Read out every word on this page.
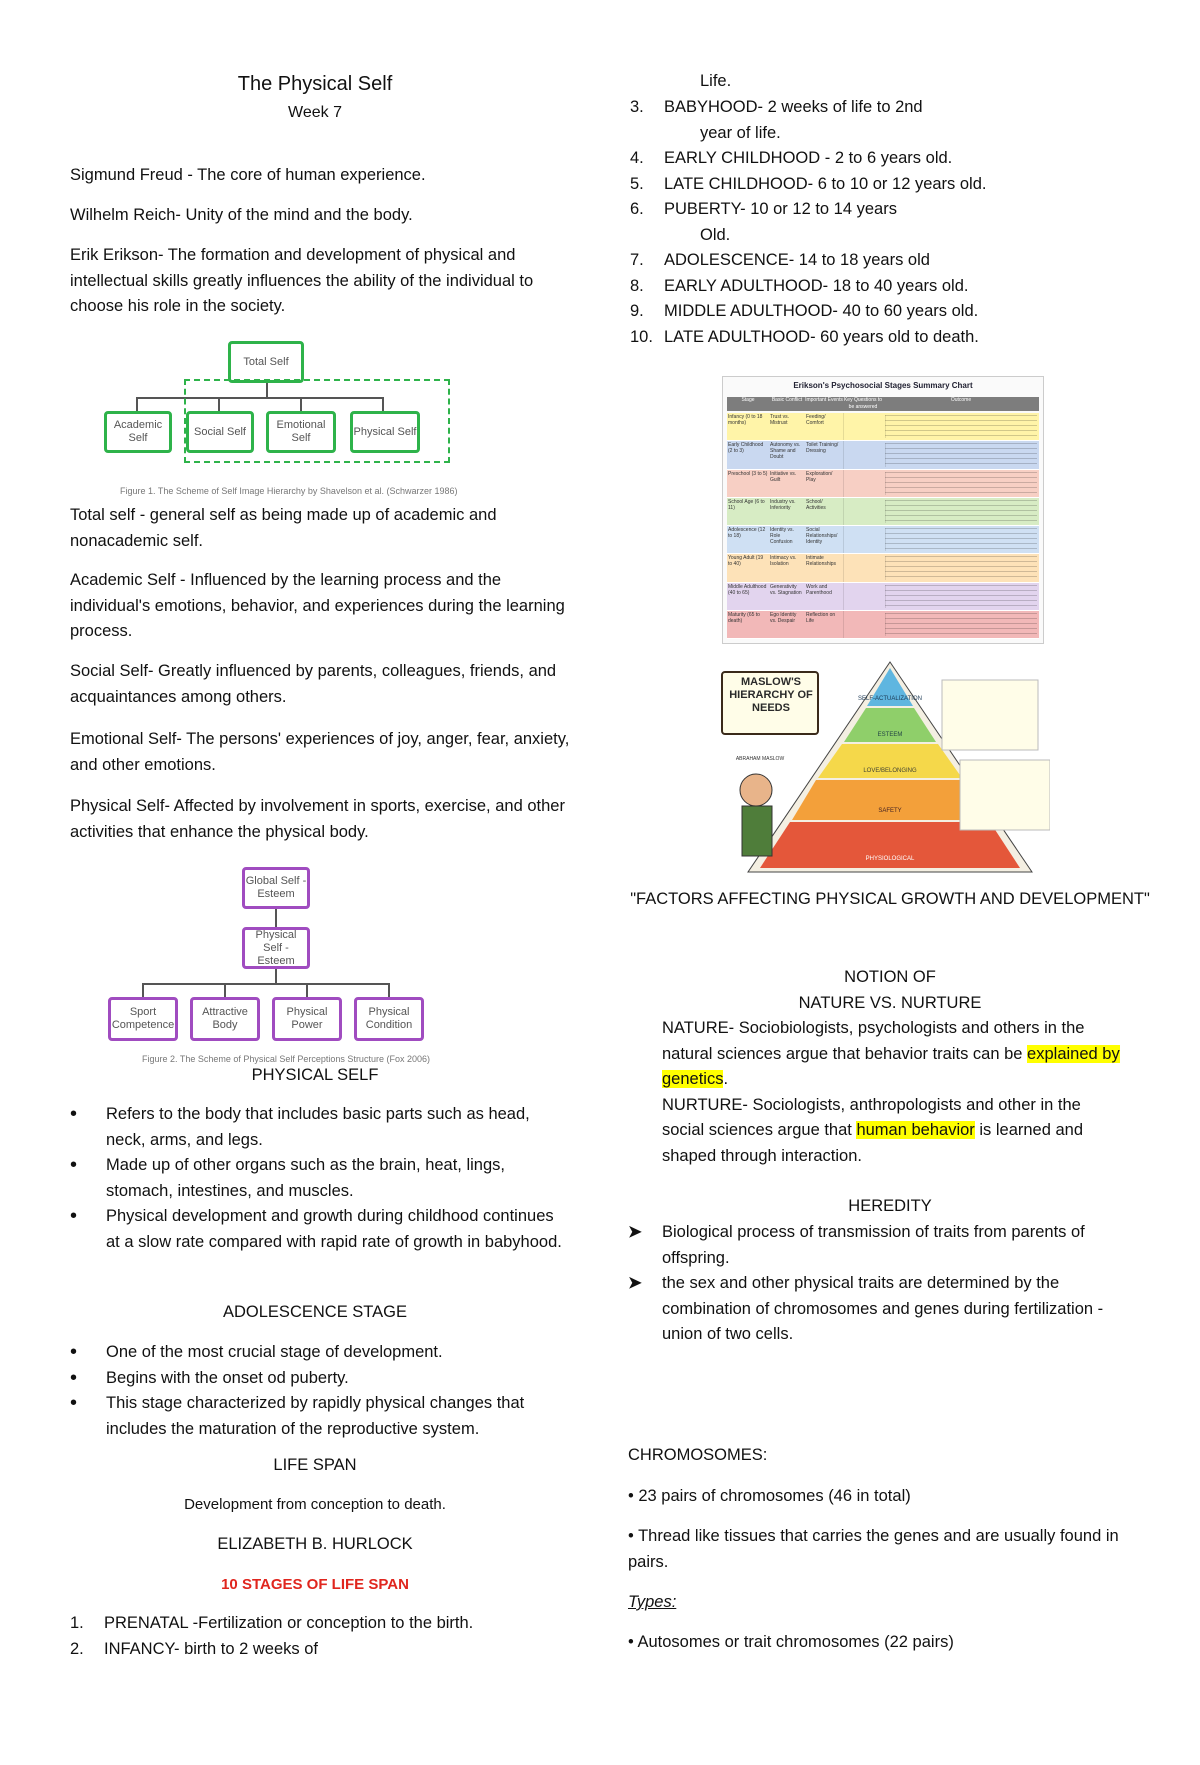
The Physical Self
Week 7

Sigmund Freud - The core of human experience.

Wilhelm Reich- Unity of the mind and the body.

Erik Erikson- The formation and development of physical and intellectual skills greatly influences the ability of the individual to choose his role in the society.

Total Self
Academic Self
Social Self
Emotional Self
Physical Self
Figure 1. The Scheme of Self Image Hierarchy by Shavelson et al. (Schwarzer 1986)

Total self - general self as being made up of academic and nonacademic self.

Academic Self - Influenced by the learning process and the individual's emotions, behavior, and experiences during the learning process.

Social Self- Greatly influenced by parents, colleagues, friends, and acquaintances among others.

Emotional Self- The persons' experiences of joy, anger, fear, anxiety, and other emotions.

Physical Self- Affected by involvement in sports, exercise, and other activities that enhance the physical body.

Global Self - Esteem
Physical Self - Esteem
Sport Competence
Attractive Body
Physical Power
Physical Condition
Figure 2. The Scheme of Physical Self Perceptions Structure (Fox 2006)

PHYSICAL SELF

• Refers to the body that includes basic parts such as head, neck, arms, and legs.
• Made up of other organs such as the brain, heat, lings, stomach, intestines, and muscles.
• Physical development and growth during childhood continues at a slow rate compared with rapid rate of growth in babyhood.

ADOLESCENCE STAGE

• One of the most crucial stage of development.
• Begins with the onset od puberty.
• This stage characterized by rapidly physical changes that includes the maturation of the reproductive system.

LIFE SPAN

Development from conception to death.

ELIZABETH B. HURLOCK

10 STAGES OF LIFE SPAN

1. PRENATAL -Fertilization or conception to the birth.
2. INFANCY- birth to 2 weeks of

Life.

3. BABYHOOD- 2 weeks of life to 2nd
year of life.
4. EARLY CHILDHOOD - 2 to 6 years old.
5. LATE CHILDHOOD- 6 to 10 or 12 years old.
6. PUBERTY- 10 or 12 to 14 years
Old.
7. ADOLESCENCE- 14 to 18 years old
8. EARLY ADULTHOOD- 18 to 40 years old.
9. MIDDLE ADULTHOOD- 40 to 60 years old.
10. LATE ADULTHOOD- 60 years old to death.
Erikson's Psychosocial Stages Summary Chart
Stage	Basic Conflict Important Events Key Questions to be answered
Outcome
Infancy (0 to 18 months)
Trust vs. Mistrust
Feeding/ Comfort
Early Childhood (2 to 3)
Autonomy vs. Shame and Doubt
Toilet Training/ Dressing
Preschool (3 to 5) Initiative vs. Guilt
Exploration/ Play
School Age (6 to 11)
Industry vs. Inferiority
School/ Activities
Adolescence (12 to 18)
Identity vs. Role Confusion
Social Relationships/ Identity
Young Adult (19 to 40)
Intimacy vs. Isolation
Intimate Relationships
Middle Adulthood (40 to 65)
Generativity vs. Stagnation
Work and Parenthood
Maturity (65 to death)
Ego Identity vs. Despair
Reflection on Life
MASLOW'S HIERARCHY OF NEEDS
ABRAHAM MASLOW
SELF-ACTUALIZATION
ESTEEM
LOVE/BELONGING
SAFETY
PHYSIOLOGICAL

"FACTORS AFFECTING PHYSICAL GROWTH AND DEVELOPMENT"

NOTION OF

NATURE VS. NURTURE

NATURE- Sociobiologists, psychologists and others in the natural sciences argue that behavior traits can be explained by genetics.

NURTURE- Sociologists, anthropologists and other in the social sciences argue that human behavior is learned and shaped through interaction.

HEREDITY

➤ Biological process of transmission of traits from parents of offspring.
➤ the sex and other physical traits are determined by the combination of chromosomes and genes during fertilization -union of two cells.

CHROMOSOMES:

• 23 pairs of chromosomes (46 in total)

• Thread like tissues that carries the genes and are usually found in pairs.

Types:

• Autosomes or trait chromosomes (22 pairs)
